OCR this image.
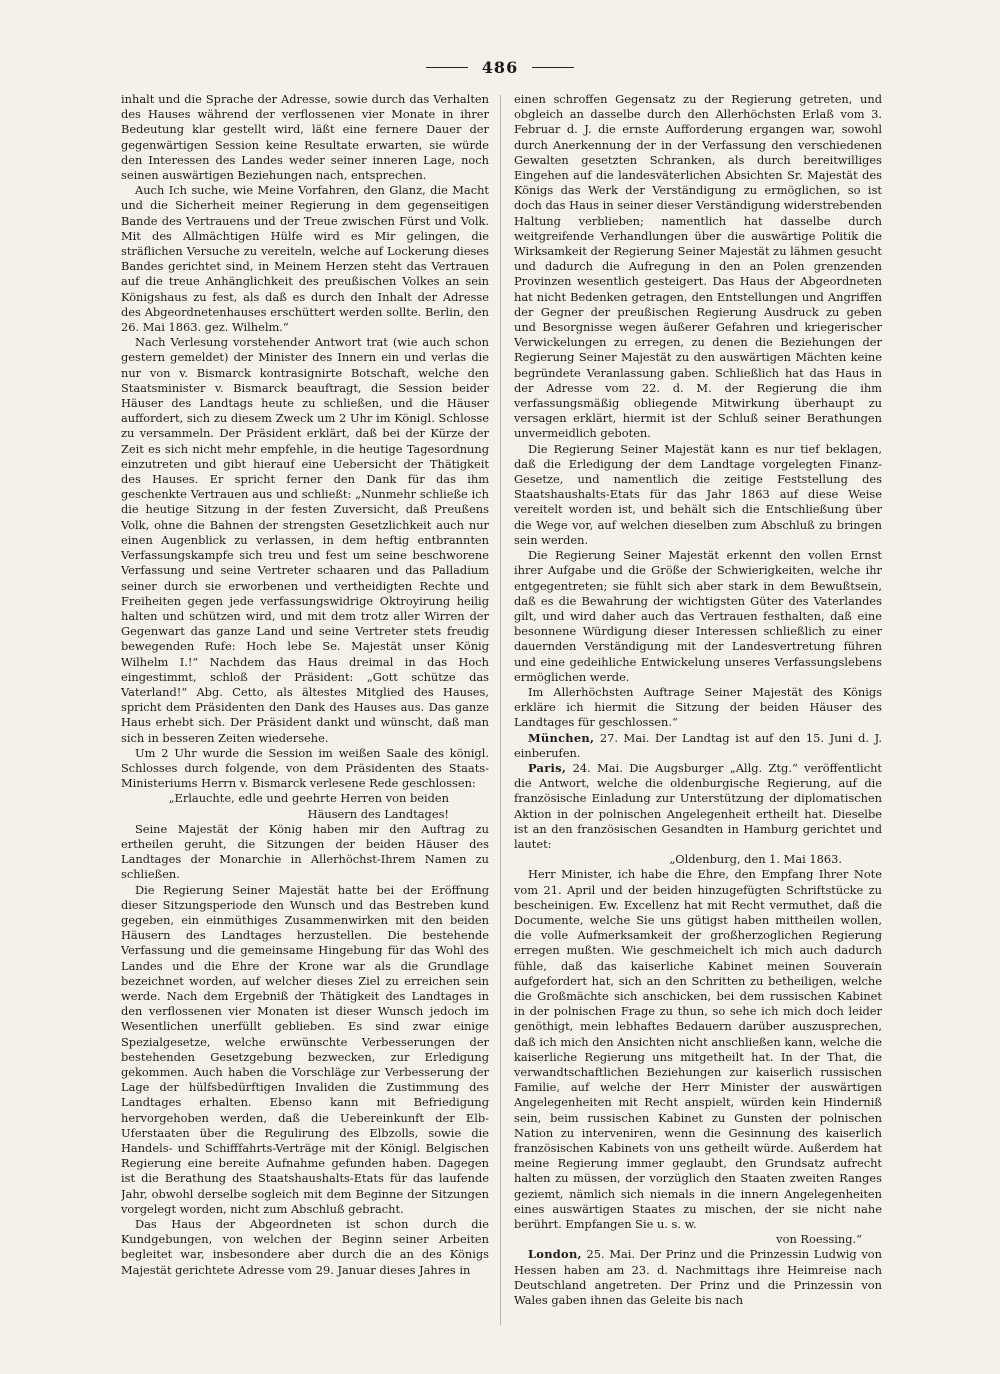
486

inhalt und die Sprache der Adresse, sowie durch das Verhalten des Hauses während der verflossenen vier Monate in ihrer Bedeutung klar gestellt wird, läßt eine fernere Dauer der gegenwärtigen Session keine Resultate erwarten, sie würde den Interessen des Landes weder seiner inneren Lage, noch seinen auswärtigen Beziehungen nach, entsprechen.

Auch Ich suche, wie Meine Vorfahren, den Glanz, die Macht und die Sicherheit meiner Regierung in dem gegenseitigen Bande des Vertrauens und der Treue zwischen Fürst und Volk. Mit des Allmächtigen Hülfe wird es Mir gelingen, die sträflichen Versuche zu vereiteln, welche auf Lockerung dieses Bandes gerichtet sind, in Meinem Herzen steht das Vertrauen auf die treue Anhänglichkeit des preußischen Volkes an sein Königshaus zu fest, als daß es durch den Inhalt der Adresse des Abgeordnetenhauses erschüttert werden sollte. Berlin, den 26. Mai 1863. gez. Wilhelm.“

Nach Verlesung vorstehender Antwort trat (wie auch schon gestern gemeldet) der Minister des Innern ein und verlas die nur von v. Bismarck kontrasignirte Botschaft, welche den Staatsminister v. Bismarck beauftragt, die Session beider Häuser des Landtags heute zu schließen, und die Häuser auffordert, sich zu diesem Zweck um 2 Uhr im Königl. Schlosse zu versammeln. Der Präsident erklärt, daß bei der Kürze der Zeit es sich nicht mehr empfehle, in die heutige Tagesordnung einzutreten und gibt hierauf eine Uebersicht der Thätigkeit des Hauses. Er spricht ferner den Dank für das ihm geschenkte Vertrauen aus und schließt: „Nunmehr schließe ich die heutige Sitzung in der festen Zuversicht, daß Preußens Volk, ohne die Bahnen der strengsten Gesetzlichkeit auch nur einen Augenblick zu verlassen, in dem heftig entbrannten Verfassungskampfe sich treu und fest um seine beschworene Verfassung und seine Vertreter schaaren und das Palladium seiner durch sie erworbenen und vertheidigten Rechte und Freiheiten gegen jede verfassungswidrige Oktroyirung heilig halten und schützen wird, und mit dem trotz aller Wirren der Gegenwart das ganze Land und seine Vertreter stets freudig bewegenden Rufe: Hoch lebe Se. Majestät unser König Wilhelm I.!“ Nachdem das Haus dreimal in das Hoch eingestimmt, schloß der Präsident: „Gott schütze das Vaterland!“ Abg. Cetto, als ältestes Mitglied des Hauses, spricht dem Präsidenten den Dank des Hauses aus. Das ganze Haus erhebt sich. Der Präsident dankt und wünscht, daß man sich in besseren Zeiten wiedersehe.

Um 2 Uhr wurde die Session im weißen Saale des königl. Schlosses durch folgende, von dem Präsidenten des Staats-Ministeriums Herrn v. Bismarck verlesene Rede geschlossen:

„Erlauchte, edle und geehrte Herren von beiden Häusern des Landtages!

Seine Majestät der König haben mir den Auftrag zu ertheilen geruht, die Sitzungen der beiden Häuser des Landtages der Monarchie in Allerhöchst-Ihrem Namen zu schließen.

Die Regierung Seiner Majestät hatte bei der Eröffnung dieser Sitzungsperiode den Wunsch und das Bestreben kund gegeben, ein einmüthiges Zusammenwirken mit den beiden Häusern des Landtages herzustellen. Die bestehende Verfassung und die gemeinsame Hingebung für das Wohl des Landes und die Ehre der Krone war als die Grundlage bezeichnet worden, auf welcher dieses Ziel zu erreichen sein werde. Nach dem Ergebniß der Thätigkeit des Landtages in den verflossenen vier Monaten ist dieser Wunsch jedoch im Wesentlichen unerfüllt geblieben. Es sind zwar einige Spezialgesetze, welche erwünschte Verbesserungen der bestehenden Gesetzgebung bezwecken, zur Erledigung gekommen. Auch haben die Vorschläge zur Verbesserung der Lage der hülfsbedürftigen Invaliden die Zustimmung des Landtages erhalten. Ebenso kann mit Befriedigung hervorgehoben werden, daß die Uebereinkunft der Elb-Uferstaaten über die Regulirung des Elbzolls, sowie die Handels- und Schifffahrts-Verträge mit der Königl. Belgischen Regierung eine bereite Aufnahme gefunden haben. Dagegen ist die Berathung des Staatshaushalts-Etats für das laufende Jahr, obwohl derselbe sogleich mit dem Beginne der Sitzungen vorgelegt worden, nicht zum Abschluß gebracht.

Das Haus der Abgeordneten ist schon durch die Kundgebungen, von welchen der Beginn seiner Arbeiten begleitet war, insbesondere aber durch die an des Königs Majestät gerichtete Adresse vom 29. Januar dieses Jahres in

einen schroffen Gegensatz zu der Regierung getreten, und obgleich an dasselbe durch den Allerhöchsten Erlaß vom 3. Februar d. J. die ernste Aufforderung ergangen war, sowohl durch Anerkennung der in der Verfassung den verschiedenen Gewalten gesetzten Schranken, als durch bereitwilliges Eingehen auf die landesväterlichen Absichten Sr. Majestät des Königs das Werk der Verständigung zu ermöglichen, so ist doch das Haus in seiner dieser Verständigung widerstrebenden Haltung verblieben; namentlich hat dasselbe durch weitgreifende Verhandlungen über die auswärtige Politik die Wirksamkeit der Regierung Seiner Majestät zu lähmen gesucht und dadurch die Aufregung in den an Polen grenzenden Provinzen wesentlich gesteigert. Das Haus der Abgeordneten hat nicht Bedenken getragen, den Entstellungen und Angriffen der Gegner der preußischen Regierung Ausdruck zu geben und Besorgnisse wegen äußerer Gefahren und kriegerischer Verwickelungen zu erregen, zu denen die Beziehungen der Regierung Seiner Majestät zu den auswärtigen Mächten keine begründete Veranlassung gaben. Schließlich hat das Haus in der Adresse vom 22. d. M. der Regierung die ihm verfassungsmäßig obliegende Mitwirkung überhaupt zu versagen erklärt, hiermit ist der Schluß seiner Berathungen unvermeidlich geboten.

Die Regierung Seiner Majestät kann es nur tief beklagen, daß die Erledigung der dem Landtage vorgelegten Finanz-Gesetze, und namentlich die zeitige Feststellung des Staatshaushalts-Etats für das Jahr 1863 auf diese Weise vereitelt worden ist, und behält sich die Entschließung über die Wege vor, auf welchen dieselben zum Abschluß zu bringen sein werden.

Die Regierung Seiner Majestät erkennt den vollen Ernst ihrer Aufgabe und die Größe der Schwierigkeiten, welche ihr entgegentreten; sie fühlt sich aber stark in dem Bewußtsein, daß es die Bewahrung der wichtigsten Güter des Vaterlandes gilt, und wird daher auch das Vertrauen festhalten, daß eine besonnene Würdigung dieser Interessen schließlich zu einer dauernden Verständigung mit der Landesvertretung führen und eine gedeihliche Entwickelung unseres Verfassungslebens ermöglichen werde.

Im Allerhöchsten Auftrage Seiner Majestät des Königs erkläre ich hiermit die Sitzung der beiden Häuser des Landtages für geschlossen.“

München, 27. Mai. Der Landtag ist auf den 15. Juni d. J. einberufen.

Paris, 24. Mai. Die Augsburger „Allg. Ztg.“ veröffentlicht die Antwort, welche die oldenburgische Regierung, auf die französische Einladung zur Unterstützung der diplomatischen Aktion in der polnischen Angelegenheit ertheilt hat. Dieselbe ist an den französischen Gesandten in Hamburg gerichtet und lautet:

„Oldenburg, den 1. Mai 1863.

Herr Minister, ich habe die Ehre, den Empfang Ihrer Note vom 21. April und der beiden hinzugefügten Schriftstücke zu bescheinigen. Ew. Excellenz hat mit Recht vermuthet, daß die Documente, welche Sie uns gütigst haben mittheilen wollen, die volle Aufmerksamkeit der großherzoglichen Regierung erregen mußten. Wie geschmeichelt ich mich auch dadurch fühle, daß das kaiserliche Kabinet meinen Souverain aufgefordert hat, sich an den Schritten zu betheiligen, welche die Großmächte sich anschicken, bei dem russischen Kabinet in der polnischen Frage zu thun, so sehe ich mich doch leider genöthigt, mein lebhaftes Bedauern darüber auszusprechen, daß ich mich den Ansichten nicht anschließen kann, welche die kaiserliche Regierung uns mitgetheilt hat. In der That, die verwandtschaftlichen Beziehungen zur kaiserlich russischen Familie, auf welche der Herr Minister der auswärtigen Angelegenheiten mit Recht anspielt, würden kein Hinderniß sein, beim russischen Kabinet zu Gunsten der polnischen Nation zu interveniren, wenn die Gesinnung des kaiserlich französischen Kabinets von uns getheilt würde. Außerdem hat meine Regierung immer geglaubt, den Grundsatz aufrecht halten zu müssen, der vorzüglich den Staaten zweiten Ranges geziemt, nämlich sich niemals in die innern Angelegenheiten eines auswärtigen Staates zu mischen, der sie nicht nahe berührt. Empfangen Sie u. s. w.

von Roessing.“

London, 25. Mai. Der Prinz und die Prinzessin Ludwig von Hessen haben am 23. d. Nachmittags ihre Heimreise nach Deutschland angetreten. Der Prinz und die Prinzessin von Wales gaben ihnen das Geleite bis nach
